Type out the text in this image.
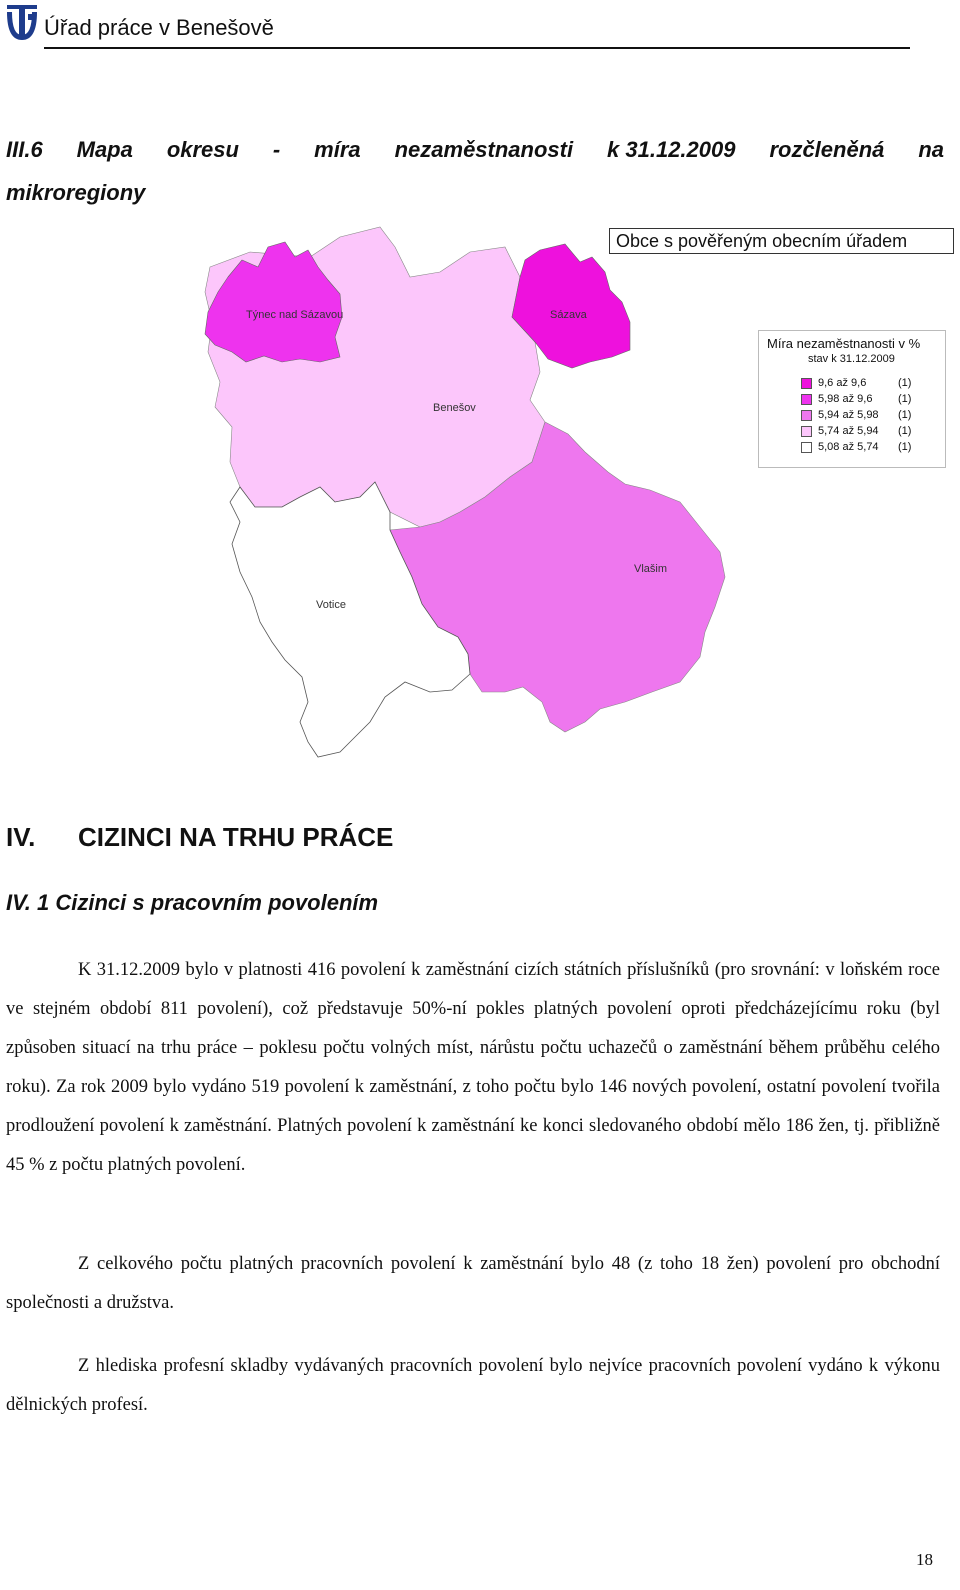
Úřad práce v Benešově
III.6 Mapa okresu - míra nezaměstnanosti k 31.12.2009 rozčleněná na
mikroregiony
Týnec nad Sázavou	Sázava
Benešov
Vlašim
Votice
Obce s pověřeným obecním úřadem
Míra nezaměstnanosti v %
stav k 31.12.2009
9,6 až 9,6	(1)
5,98 až 9,6 (1)
5,94 až 5,98 (1)
5,74 až 5,94 (1)
5,08 až 5,74 (1)
IV. CIZINCI NA TRHU PRÁCE
IV. 1 Cizinci s pracovním povolením
K 31.12.2009 bylo v platnosti 416 povolení k zaměstnání cizích státních příslušníků (pro srovnání: v loňském roce ve stejném období 811 povolení), což představuje 50%-ní pokles platných povolení oproti předcházejícímu roku (byl způsoben situací na trhu práce – poklesu počtu volných míst, nárůstu počtu uchazečů o zaměstnání během průběhu celého roku). Za rok 2009 bylo vydáno 519 povolení k zaměstnání, z toho počtu bylo 146 nových povolení, ostatní povolení tvořila prodloužení povolení k zaměstnání. Platných povolení k zaměstnání ke konci sledovaného období mělo 186 žen, tj. přibližně 45 % z počtu platných povolení.
Z celkového počtu platných pracovních povolení k zaměstnání bylo 48 (z toho 18 žen) povolení pro obchodní společnosti a družstva.
Z hlediska profesní skladby vydávaných pracovních povolení bylo nejvíce pracovních povolení vydáno k výkonu dělnických profesí.
18
